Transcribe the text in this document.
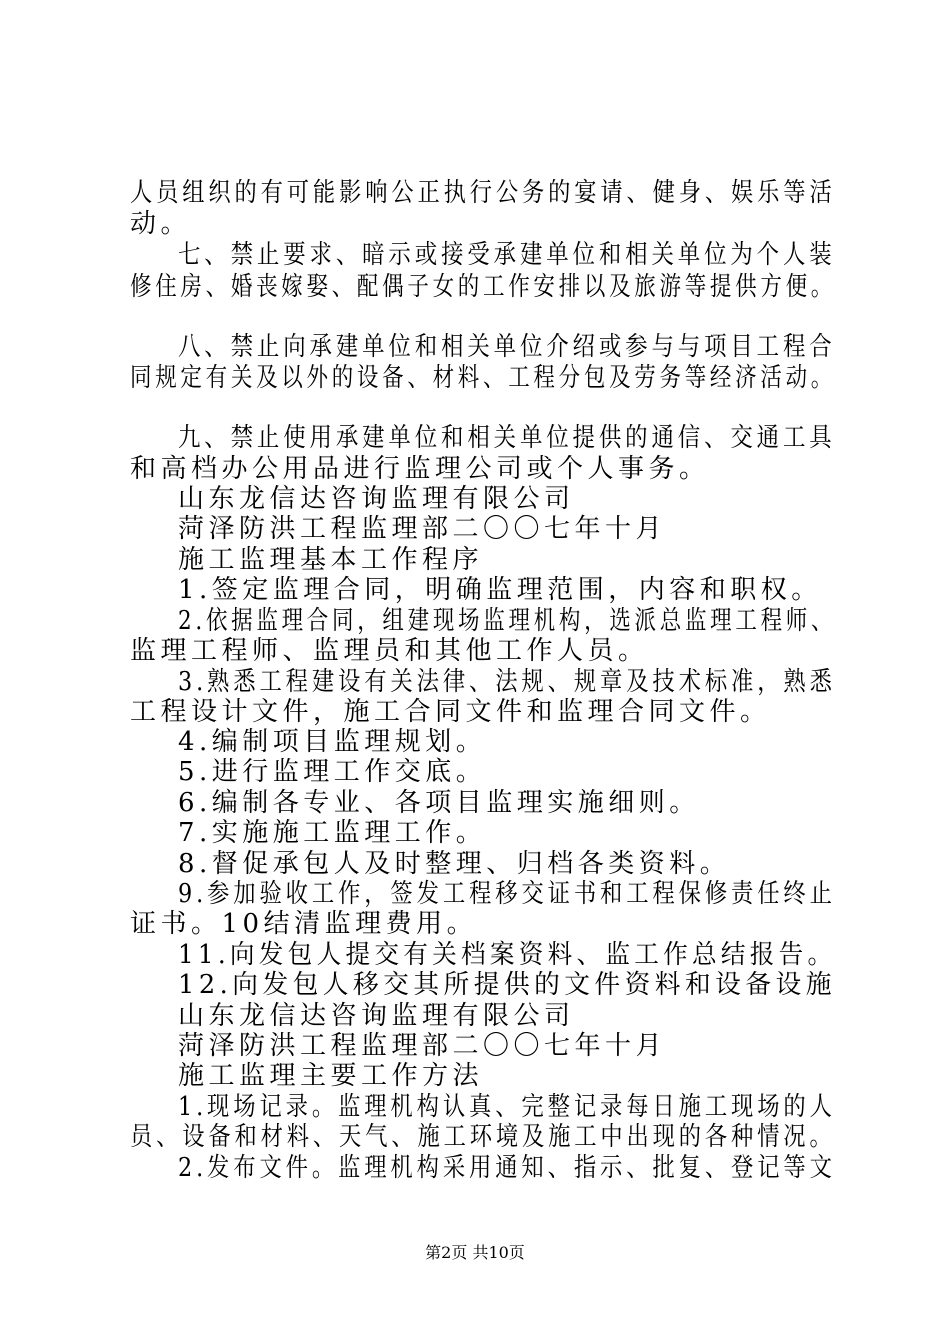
人员组织的有可能影响公正执行公务的宴请、健身、娱乐等活
动。
七、禁止要求、暗示或接受承建单位和相关单位为个人装
修住房、婚丧嫁娶、配偶子女的工作安排以及旅游等提供方便。
八、禁止向承建单位和相关单位介绍或参与与项目工程合
同规定有关及以外的设备、材料、工程分包及劳务等经济活动。
九、禁止使用承建单位和相关单位提供的通信、交通工具
和高档办公用品进行监理公司或个人事务。
山东龙信达咨询监理有限公司
菏泽防洪工程监理部二〇〇七年十月
施工监理基本工作程序
1.签定监理合同，明确监理范围，内容和职权。
2.依据监理合同，组建现场监理机构，选派总监理工程师、
监理工程师、监理员和其他工作人员。
3.熟悉工程建设有关法律、法规、规章及技术标准，熟悉
工程设计文件，施工合同文件和监理合同文件。
4.编制项目监理规划。
5.进行监理工作交底。
6.编制各专业、各项目监理实施细则。
7.实施施工监理工作。
8.督促承包人及时整理、归档各类资料。
9.参加验收工作，签发工程移交证书和工程保修责任终止
证书。10结清监理费用。
11.向发包人提交有关档案资料、监工作总结报告。
12.向发包人移交其所提供的文件资料和设备设施
山东龙信达咨询监理有限公司
菏泽防洪工程监理部二〇〇七年十月
施工监理主要工作方法
1.现场记录。监理机构认真、完整记录每日施工现场的人
员、设备和材料、天气、施工环境及施工中出现的各种情况。
2.发布文件。监理机构采用通知、指示、批复、登记等文
第2页 共10页
